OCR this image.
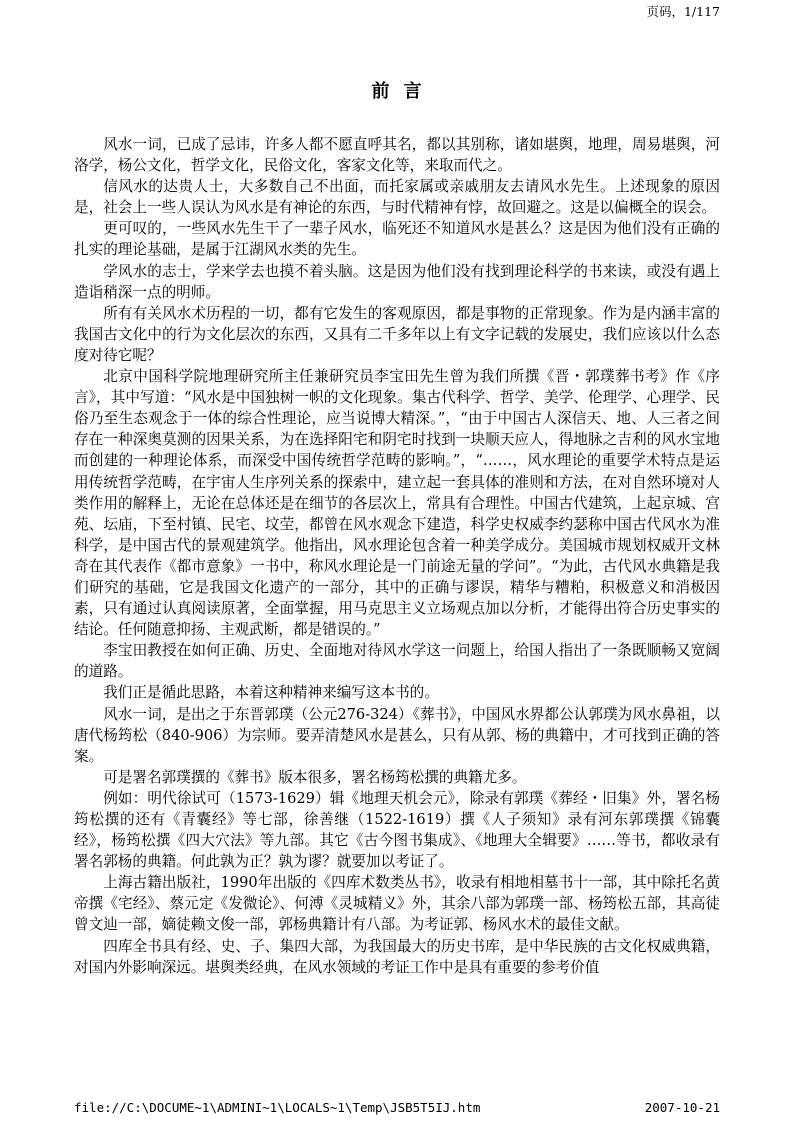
页码，1/117
前 言

风水一词，已成了忌讳，许多人都不愿直呼其名，都以其别称，诸如堪舆，地理，周易堪舆，河洛学，杨公文化，哲学文化，民俗文化，客家文化等，来取而代之。

信风水的达贵人士，大多数自己不出面，而托家属或亲戚朋友去请风水先生。上述现象的原因是，社会上一些人误认为风水是有神论的东西，与时代精神有悖，故回避之。这是以偏概全的误会。

更可叹的，一些风水先生干了一辈子风水，临死还不知道风水是甚么？这是因为他们没有正确的扎实的理论基础，是属于江湖风水类的先生。

学风水的志士，学来学去也摸不着头脑。这是因为他们没有找到理论科学的书来读，或没有遇上造诣稍深一点的明师。

所有有关风水术历程的一切，都有它发生的客观原因，都是事物的正常现象。作为是内涵丰富的我国古文化中的行为文化层次的东西，又具有二千多年以上有文字记载的发展史，我们应该以什么态度对待它呢？

北京中国科学院地理研究所主任兼研究员李宝田先生曾为我们所撰《晋・郭璞葬书考》作《序言》，其中写道：“风水是中国独树一帜的文化现象。集古代科学、哲学、美学、伦理学、心理学、民俗乃至生态观念于一体的综合性理论，应当说博大精深。”，“由于中国古人深信天、地、人三者之间存在一种深奥莫测的因果关系，为在选择阳宅和阴宅时找到一块顺天应人，得地脉之吉利的风水宝地而创建的一种理论体系，而深受中国传统哲学范畴的影响。”，“……，风水理论的重要学术特点是运用传统哲学范畴，在宇宙人生序列关系的探索中，建立起一套具体的准则和方法，在对自然环境对人类作用的解释上，无论在总体还是在细节的各层次上，常具有合理性。中国古代建筑，上起京城、宫苑、坛庙，下至村镇、民宅、坟茔，都曾在风水观念下建造，科学史权威李约瑟称中国古代风水为准科学，是中国古代的景观建筑学。他指出，风水理论包含着一种美学成分。美国城市规划权威开文林奇在其代表作《都市意象》一书中，称风水理论是一门前途无量的学问”。“为此，古代风水典籍是我们研究的基础，它是我国文化遗产的一部分，其中的正确与谬误，精华与糟粕，积极意义和消极因素，只有通过认真阅读原著，全面掌握，用马克思主义立场观点加以分析，才能得出符合历史事实的结论。任何随意抑扬、主观武断，都是错误的。”

李宝田教授在如何正确、历史、全面地对待风水学这一问题上，给国人指出了一条既顺畅又宽阔的道路。

我们正是循此思路，本着这种精神来编写这本书的。

风水一词，是出之于东晋郭璞（公元276-324）《葬书》，中国风水界都公认郭璞为风水鼻祖，以唐代杨筠松（840-906）为宗师。要弄清楚风水是甚么，只有从郭、杨的典籍中，才可找到正确的答案。

可是署名郭璞撰的《葬书》版本很多，署名杨筠松撰的典籍尤多。

例如：明代徐试可（1573-1629）辑《地理天机会元》，除录有郭璞《葬经・旧集》外，署名杨筠松撰的还有《青囊经》等七部，徐善继（1522-1619）撰《人子须知》录有河东郭璞撰《锦囊经》，杨筠松撰《四大穴法》等九部。其它《古今图书集成》、《地理大全辑要》……等书，都收录有署名郭杨的典籍。何此孰为正？孰为谬？就要加以考证了。

上海古籍出版社，1990年出版的《四库术数类丛书》，收录有相地相墓书十一部，其中除托名黄帝撰《宅经》、蔡元定《发微论》、何溥《灵城精义》外，其余八部为郭璞一部、杨筠松五部，其高徒曾文辿一部，嫡徒赖文俊一部，郭杨典籍计有八部。为考证郭、杨风水术的最佳文献。

四库全书具有经、史、子、集四大部，为我国最大的历史书库，是中华民族的古文化权威典籍，对国内外影响深远。堪舆类经典，在风水领域的考证工作中是具有重要的参考价值

file://C:\DOCUME~1\ADMINI~1\LOCALS~1\Temp\JSB5T5IJ.htm	2007-10-21
